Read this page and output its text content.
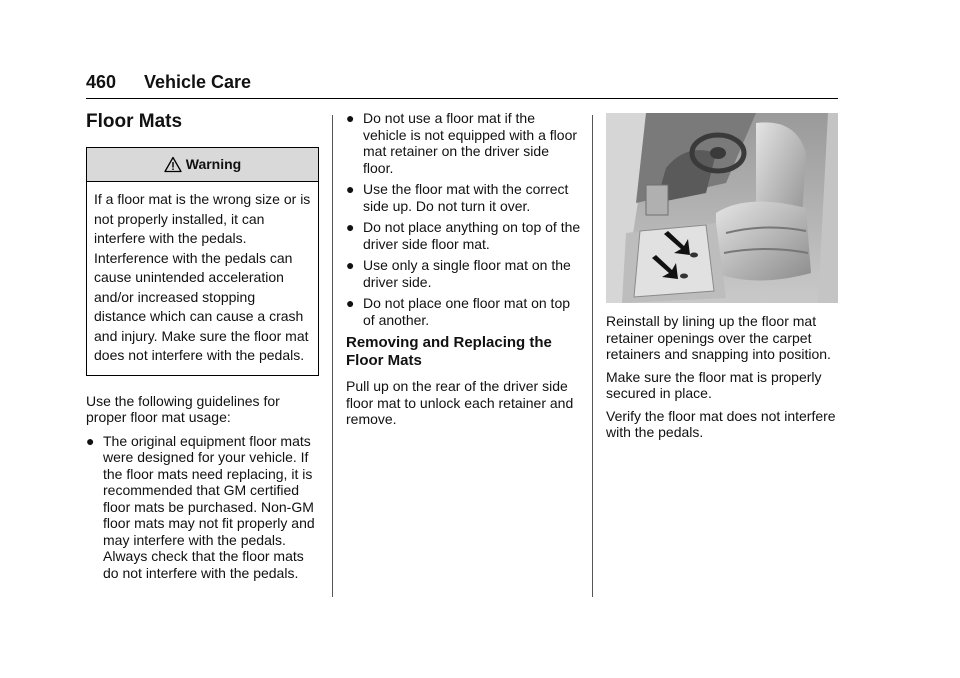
460 Vehicle Care
Floor Mats
Warning
If a floor mat is the wrong size or is not properly installed, it can interfere with the pedals. Interference with the pedals can cause unintended acceleration and/or increased stopping distance which can cause a crash and injury. Make sure the floor mat does not interfere with the pedals.

Use the following guidelines for proper floor mat usage:

● The original equipment floor mats were designed for your vehicle. If the floor mats need replacing, it is recommended that GM certified floor mats be purchased. Non-GM floor mats may not fit properly and may interfere with the pedals. Always check that the floor mats do not interfere with the pedals.
● Do not use a floor mat if the vehicle is not equipped with a floor mat retainer on the driver side floor.
● Use the floor mat with the correct side up. Do not turn it over.
● Do not place anything on top of the driver side floor mat.
● Use only a single floor mat on the driver side.
● Do not place one floor mat on top of another.
Removing and Replacing the Floor Mats

Pull up on the rear of the driver side floor mat to unlock each retainer and remove.

Reinstall by lining up the floor mat retainer openings over the carpet retainers and snapping into position.

Make sure the floor mat is properly secured in place.

Verify the floor mat does not interfere with the pedals.
